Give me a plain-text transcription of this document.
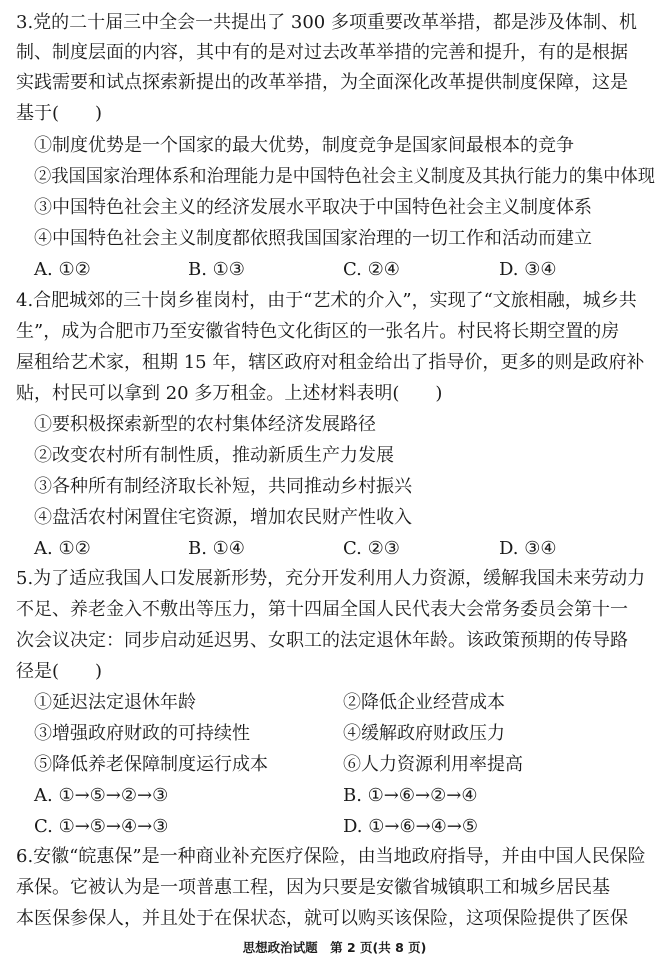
3.党的二十届三中全会一共提出了 300 多项重要改革举措，都是涉及体制、机
制、制度层面的内容，其中有的是对过去改革举措的完善和提升，有的是根据
实践需要和试点探索新提出的改革举措，为全面深化改革提供制度保障，这是
基于(　　)
①制度优势是一个国家的最大优势，制度竞争是国家间最根本的竞争
②我国国家治理体系和治理能力是中国特色社会主义制度及其执行能力的集中体现
③中国特色社会主义的经济发展水平取决于中国特色社会主义制度体系
④中国特色社会主义制度都依照我国国家治理的一切工作和活动而建立
A. ①②	B. ①③	C. ②④	D. ③④
4.合肥城郊的三十岗乡崔岗村，由于“艺术的介入”，实现了“文旅相融，城乡共
生”，成为合肥市乃至安徽省特色文化街区的一张名片。村民将长期空置的房
屋租给艺术家，租期 15 年，辖区政府对租金给出了指导价，更多的则是政府补
贴，村民可以拿到 20 多万租金。上述材料表明(　　)
①要积极探索新型的农村集体经济发展路径
②改变农村所有制性质，推动新质生产力发展
③各种所有制经济取长补短，共同推动乡村振兴
④盘活农村闲置住宅资源，增加农民财产性收入
A. ①②	B. ①④	C. ②③	D. ③④
5.为了适应我国人口发展新形势，充分开发利用人力资源，缓解我国未来劳动力
不足、养老金入不敷出等压力，第十四届全国人民代表大会常务委员会第十一
次会议决定：同步启动延迟男、女职工的法定退休年龄。该政策预期的传导路
径是(　　)
①延迟法定退休年龄	②降低企业经营成本
③增强政府财政的可持续性	④缓解政府财政压力
⑤降低养老保障制度运行成本	⑥人力资源利用率提高
A. ①→⑤→②→③	B. ①→⑥→②→④
C. ①→⑤→④→③	D. ①→⑥→④→⑤
6.安徽“皖惠保”是一种商业补充医疗保险，由当地政府指导，并由中国人民保险
承保。它被认为是一项普惠工程，因为只要是安徽省城镇职工和城乡居民基
本医保参保人，并且处于在保状态，就可以购买该保险，这项保险提供了医保
思想政治试题　第 2 页(共 8 页)
